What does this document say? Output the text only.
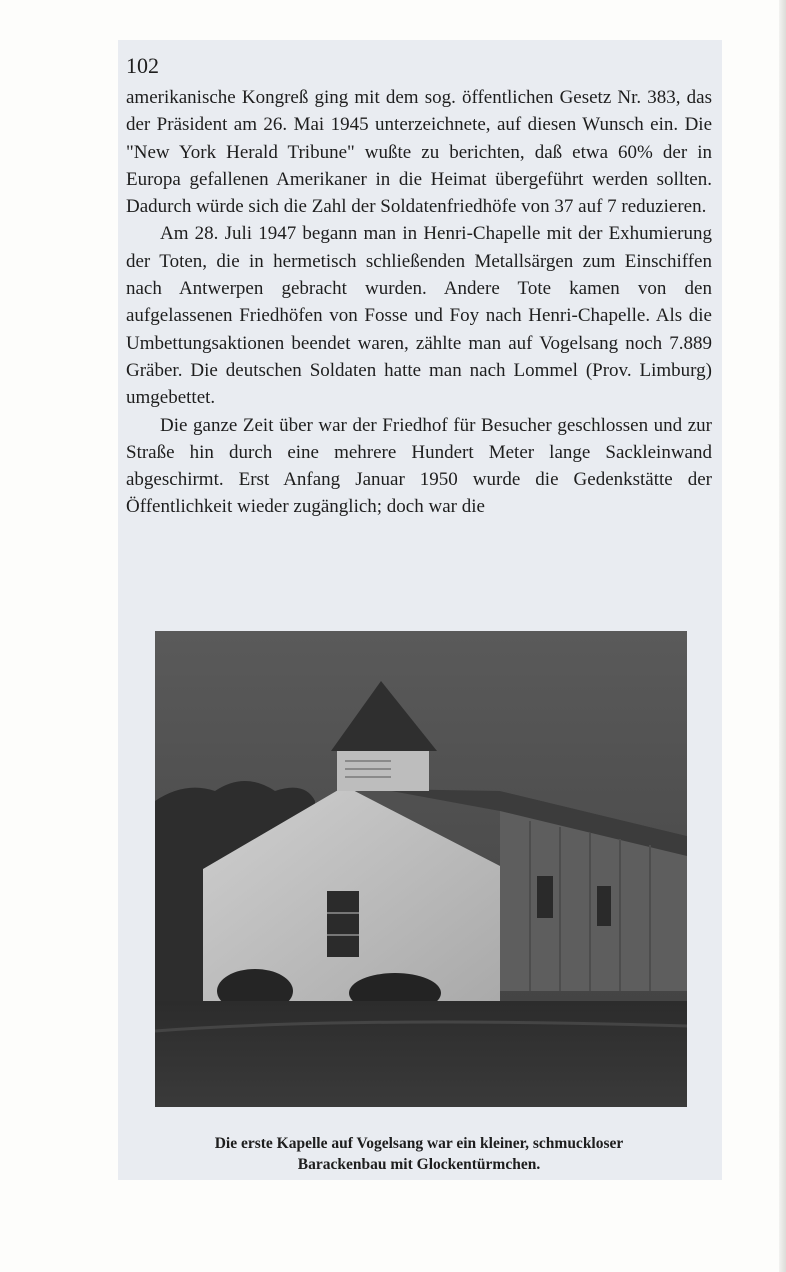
102

amerikanische Kongreß ging mit dem sog. öffentlichen Gesetz Nr. 383, das der Präsident am 26. Mai 1945 unterzeichnete, auf diesen Wunsch ein. Die "New York Herald Tribune" wußte zu berichten, daß etwa 60% der in Europa gefallenen Amerikaner in die Heimat übergeführt werden sollten. Dadurch würde sich die Zahl der Soldatenfriedhöfe von 37 auf 7 reduzieren.

Am 28. Juli 1947 begann man in Henri-Chapelle mit der Exhumierung der Toten, die in hermetisch schließenden Metallsärgen zum Einschiffen nach Antwerpen gebracht wurden. Andere Tote kamen von den aufgelassenen Friedhöfen von Fosse und Foy nach Henri-Chapelle. Als die Umbettungsaktionen beendet waren, zählte man auf Vogelsang noch 7.889 Gräber. Die deutschen Soldaten hatte man nach Lommel (Prov. Limburg) umgebettet.

Die ganze Zeit über war der Friedhof für Besucher geschlossen und zur Straße hin durch eine mehrere Hundert Meter lange Sackleinwand abgeschirmt. Erst Anfang Januar 1950 wurde die Gedenkstätte der Öffentlichkeit wieder zugänglich; doch war die

Die erste Kapelle auf Vogelsang war ein kleiner, schmuckloser
Barackenbau mit Glockentürmchen.
